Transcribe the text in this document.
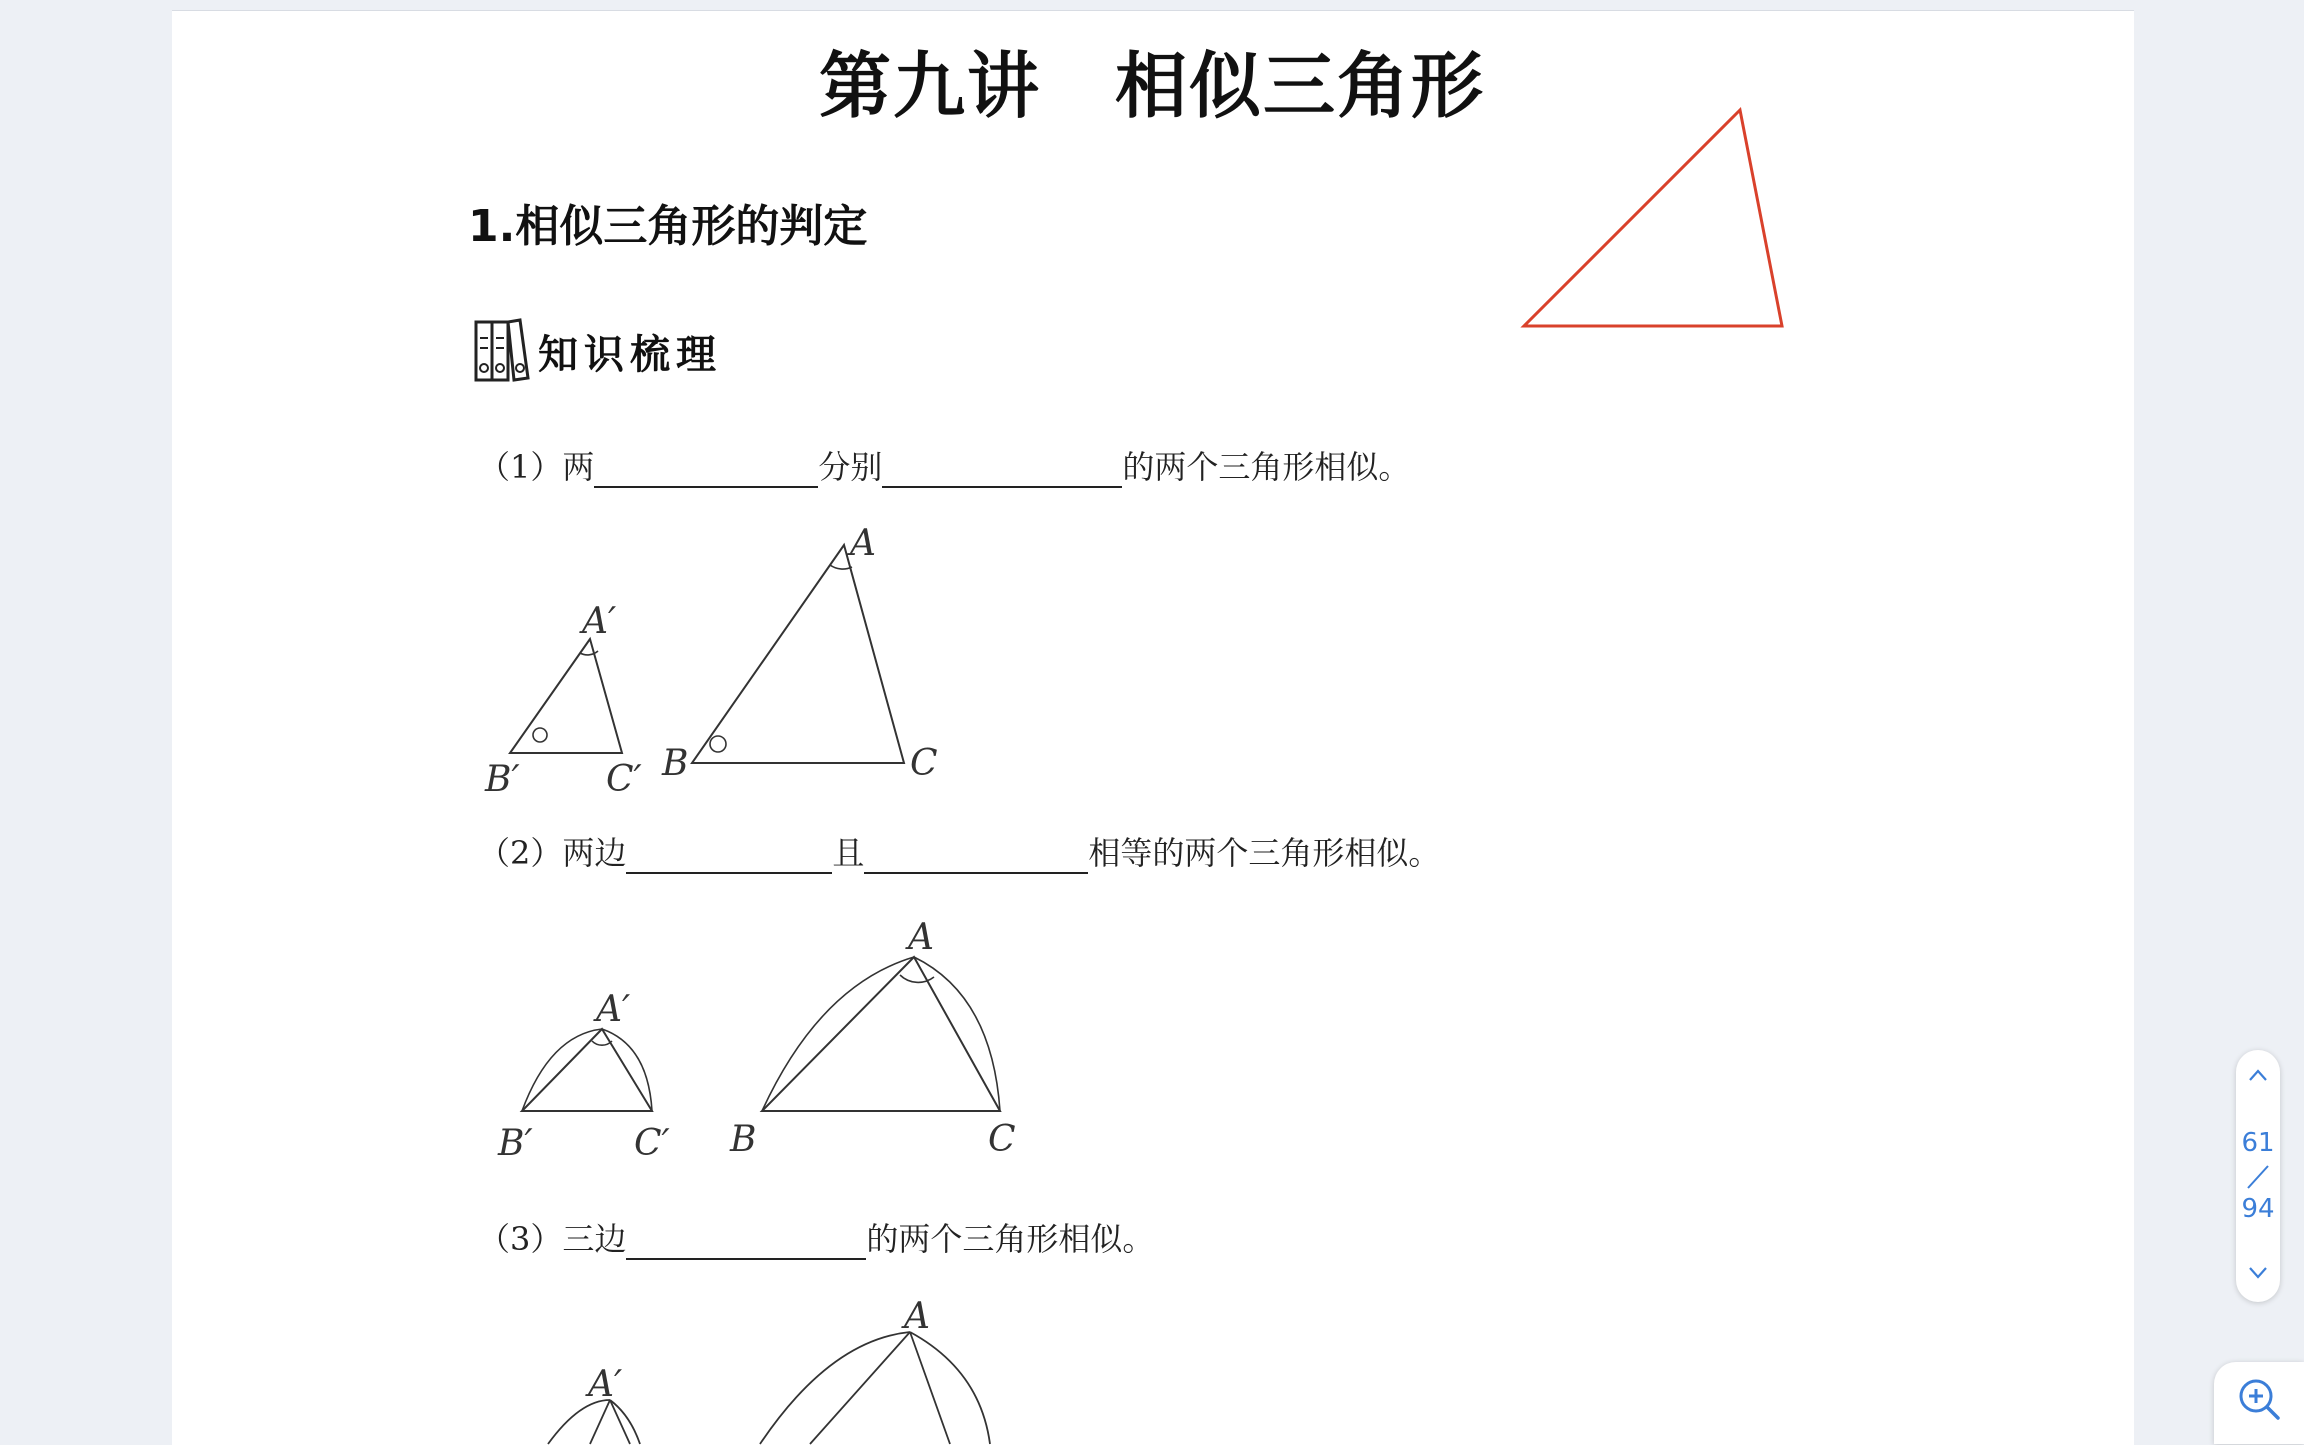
第九讲　相似三角形
1.相似三角形的判定
知识梳理
（1）两	分别	的两个三角形相似。
A′
B′ C′
A
B	C
（2）两边	且	相等的两个三角形相似。
A′
B′	C′
A
B	C
（3）三边	的两个三角形相似。
A′
A
61
94
